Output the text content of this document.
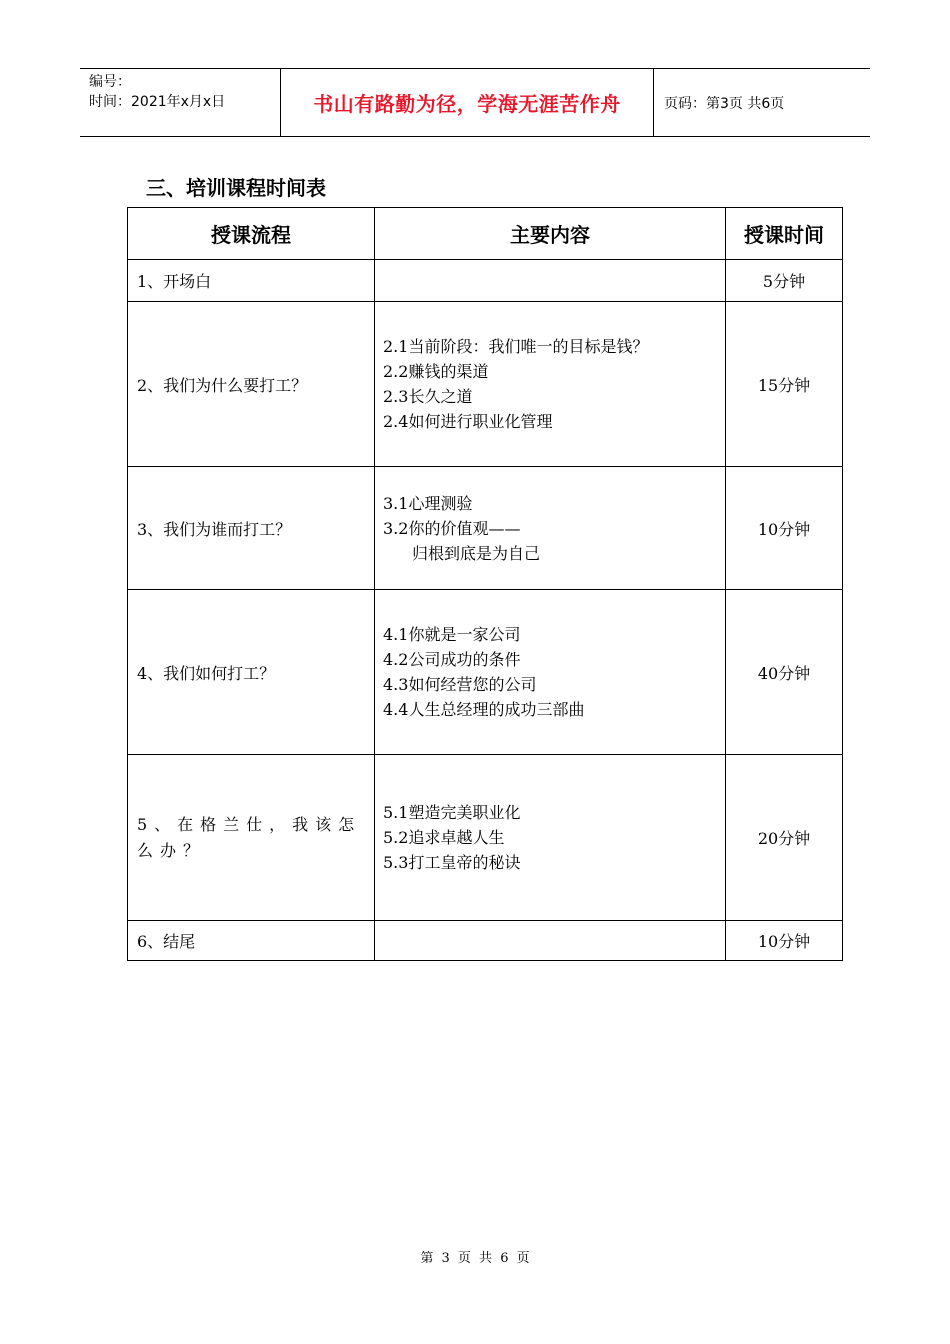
编号：
时间：2021年x月x日	书山有路勤为径，学海无涯苦作舟	页码：第3页 共6页
三、培训课程时间表
授课流程	主要内容	授课时间
1、开场白		5分钟
2、我们为什么要打工？	2.1当前阶段：我们唯一的目标是钱？
2.2赚钱的渠道
2.3长久之道
2.4如何进行职业化管理	15分钟
3、我们为谁而打工？	3.1心理测验
3.2你的价值观——
归根到底是为自己	10分钟
4、我们如何打工？	4.1你就是一家公司
4.2公司成功的条件
4.3如何经营您的公司
4.4人生总经理的成功三部曲	40分钟
5、在格兰仕，我该怎么办？	5.1塑造完美职业化
5.2追求卓越人生
5.3打工皇帝的秘诀	20分钟
6、结尾		10分钟
第 3 页 共 6 页
